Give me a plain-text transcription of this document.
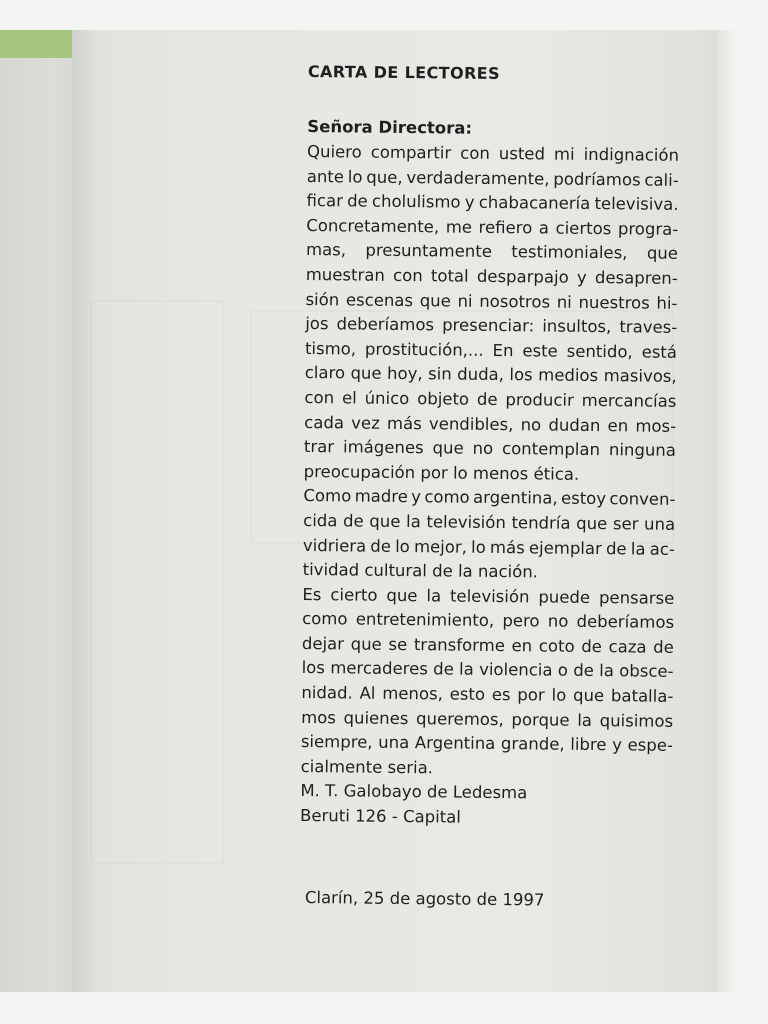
CARTA DE LECTORES
Señora Directora:
Quiero compartir con usted mi indignación
ante lo que, verdaderamente, podríamos cali-
ficar de cholulismo y chabacanería televisiva.
Concretamente, me refiero a ciertos progra-
mas, presuntamente testimoniales, que
muestran con total desparpajo y desapren-
sión escenas que ni nosotros ni nuestros hi-
jos deberíamos presenciar: insultos, traves-
tismo, prostitución,... En este sentido, está
claro que hoy, sin duda, los medios masivos,
con el único objeto de producir mercancías
cada vez más vendibles, no dudan en mos-
trar imágenes que no contemplan ninguna
preocupación por lo menos ética.
Como madre y como argentina, estoy conven-
cida de que la televisión tendría que ser una
vidriera de lo mejor, lo más ejemplar de la ac-
tividad cultural de la nación.
Es cierto que la televisión puede pensarse
como entretenimiento, pero no deberíamos
dejar que se transforme en coto de caza de
los mercaderes de la violencia o de la obsce-
nidad. Al menos, esto es por lo que batalla-
mos quienes queremos, porque la quisimos
siempre, una Argentina grande, libre y espe-
cialmente seria.
M. T. Galobayo de Ledesma
Beruti 126 - Capital
Clarín, 25 de agosto de 1997
